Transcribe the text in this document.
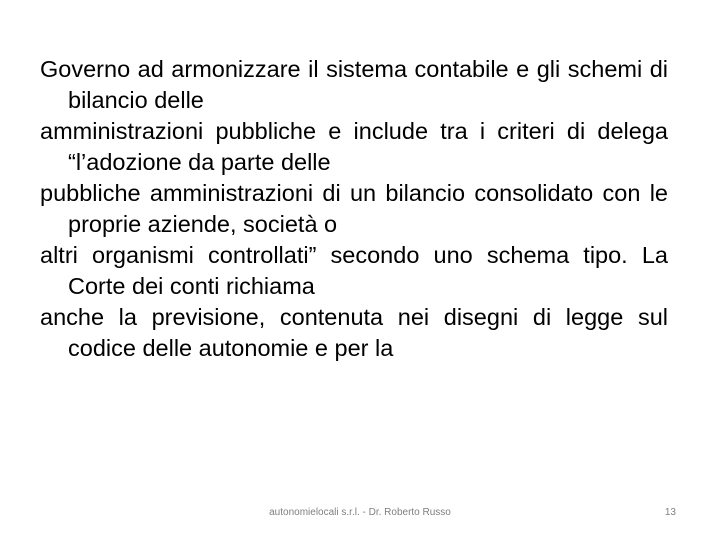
Governo ad armonizzare il sistema contabile e gli schemi di bilancio delle

amministrazioni pubbliche e include tra i criteri di delega “l’adozione da parte delle

pubbliche amministrazioni di un bilancio consolidato con le proprie aziende, società o

altri organismi controllati” secondo uno schema tipo. La Corte dei conti richiama

anche la previsione, contenuta nei disegni di legge sul codice delle autonomie e per la

autonomielocali s.r.l. - Dr. Roberto Russo	13
